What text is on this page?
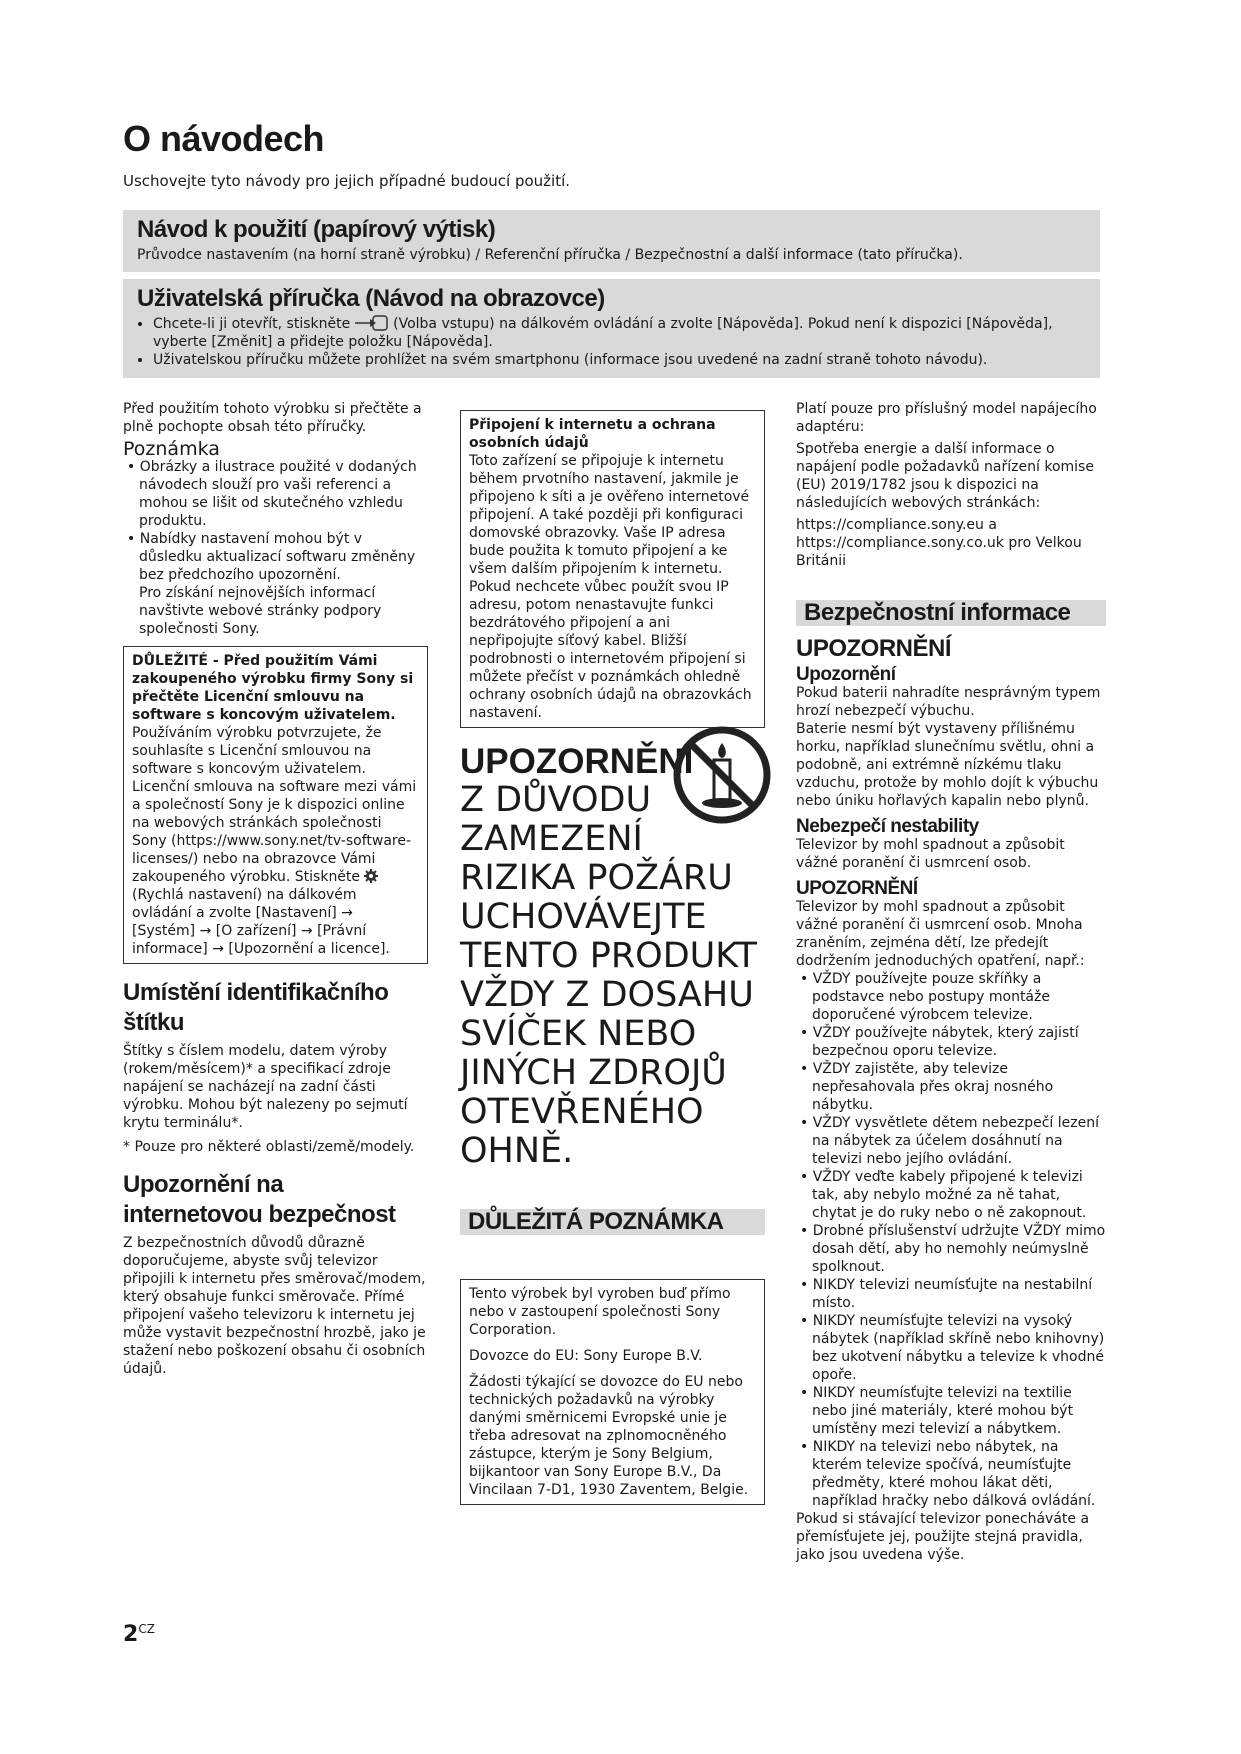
O návodech
Uschovejte tyto návody pro jejich případné budoucí použití.
Návod k použití (papírový výtisk)
Průvodce nastavením (na horní straně výrobku) / Referenční příručka / Bezpečnostní a další informace (tato příručka).
Uživatelská příručka (Návod na obrazovce)
• Chcete-li ji otevřít, stiskněte	(Volba vstupu) na dálkovém ovládání a zvolte [Nápověda]. Pokud není k dispozici [Nápověda], vyberte [Změnit] a přidejte položku [Nápověda].
• Uživatelskou příručku můžete prohlížet na svém smartphonu (informace jsou uvedené na zadní straně tohoto návodu).

Před použitím tohoto výrobku si přečtěte a plně pochopte obsah této příručky.

Poznámka
• Obrázky a ilustrace použité v dodaných návodech slouží pro vaši referenci a mohou se lišit od skutečného vzhledu produktu.
• Nabídky nastavení mohou být v důsledku aktualizací softwaru změněny bez předchozího upozornění.

Pro získání nejnovějších informací navštivte webové stránky podpory společnosti Sony.

DŮLEŽITÉ - Před použitím Vámi zakoupeného výrobku firmy Sony si přečtěte Licenční smlouvu na software s koncovým uživatelem. Používáním výrobku potvrzujete, že souhlasíte s Licenční smlouvou na software s koncovým uživatelem. Licenční smlouva na software mezi vámi a společností Sony je k dispozici online na webových stránkách společnosti Sony (https://www.sony.net/tv-software-licenses/) nebo na obrazovce Vámi zakoupeného výrobku. Stiskněte  (Rychlá nastavení) na dálkovém ovládání a zvolte [Nastavení] → [Systém] → [O zařízení] → [Právní informace] → [Upozornění a licence].
Umístění identifikačního štítku

Štítky s číslem modelu, datem výroby (rokem/měsícem)* a specifikací zdroje napájení se nacházejí na zadní části výrobku. Mohou být nalezeny po sejmutí krytu terminálu*.

* Pouze pro některé oblasti/země/modely.

Upozornění na internetovou bezpečnost

Z bezpečnostních důvodů důrazně doporučujeme, abyste svůj televizor připojili k internetu přes směrovač/modem, který obsahuje funkci směrovače. Přímé připojení vašeho televizoru k internetu jej může vystavit bezpečnostní hrozbě, jako je stažení nebo poškození obsahu či osobních údajů.

Připojení k internetu a ochrana osobních údajů

Toto zařízení se připojuje k internetu během prvotního nastavení, jakmile je připojeno k síti a je ověřeno internetové připojení. A také později při konfiguraci domovské obrazovky. Vaše IP adresa bude použita k tomuto připojení a ke všem dalším připojením k internetu. Pokud nechcete vůbec použít svou IP adresu, potom nenastavujte funkci bezdrátového připojení a ani nepřipojujte síťový kabel. Bližší podrobnosti o internetovém připojení si můžete přečíst v poznámkách ohledně ochrany osobních údajů na obrazovkách nastavení.

UPOZORNĚNÍ
Z DŮVODU ZAMEZENÍ RIZIKA POŽÁRU UCHOVÁVEJTE TENTO PRODUKT VŽDY Z DOSAHU SVÍČEK NEBO JINÝCH ZDROJŮ OTEVŘENÉHO OHNĚ.
DŮLEŽITÁ POZNÁMKA

Tento výrobek byl vyroben buď přímo nebo v zastoupení společnosti Sony Corporation.

Dovozce do EU: Sony Europe B.V.

Žádosti týkající se dovozce do EU nebo technických požadavků na výrobky danými směrnicemi Evropské unie je třeba adresovat na zplnomocněného zástupce, kterým je Sony Belgium, bijkantoor van Sony Europe B.V., Da Vincilaan 7-D1, 1930 Zaventem, Belgie.

Platí pouze pro příslušný model napájecího adaptéru:

Spotřeba energie a další informace o napájení podle požadavků nařízení komise (EU) 2019/1782 jsou k dispozici na následujících webových stránkách:

https://compliance.sony.eu a https://compliance.sony.co.uk pro Velkou Británii

Bezpečnostní informace
UPOZORNĚNÍ
Upozornění

Pokud baterii nahradíte nesprávným typem hrozí nebezpečí výbuchu.

Baterie nesmí být vystaveny přílišnému horku, například slunečnímu světlu, ohni a podobně, ani extrémně nízkému tlaku vzduchu, protože by mohlo dojít k výbuchu nebo úniku hořlavých kapalin nebo plynů.

Nebezpečí nestability

Televizor by mohl spadnout a způsobit vážné poranění či usmrcení osob.

UPOZORNĚNÍ

Televizor by mohl spadnout a způsobit vážné poranění či usmrcení osob. Mnoha zraněním, zejména dětí, lze předejít dodržením jednoduchých opatření, např.:

• VŽDY používejte pouze skříňky a podstavce nebo postupy montáže doporučené výrobcem televize.
• VŽDY používejte nábytek, který zajistí bezpečnou oporu televize.
• VŽDY zajistěte, aby televize nepřesahovala přes okraj nosného nábytku.
• VŽDY vysvětlete dětem nebezpečí lezení na nábytek za účelem dosáhnutí na televizi nebo jejího ovládání.
• VŽDY veďte kabely připojené k televizi tak, aby nebylo možné za ně tahat, chytat je do ruky nebo o ně zakopnout.
• Drobné příslušenství udržujte VŽDY mimo dosah dětí, aby ho nemohly neúmyslně spolknout.
• NIKDY televizi neumísťujte na nestabilní místo.
• NIKDY neumísťujte televizi na vysoký nábytek (například skříně nebo knihovny) bez ukotvení nábytku a televize k vhodné opoře.
• NIKDY neumísťujte televizi na textilie nebo jiné materiály, které mohou být umístěny mezi televizí a nábytkem.
• NIKDY na televizi nebo nábytek, na kterém televize spočívá, neumísťujte předměty, které mohou lákat děti, například hračky nebo dálková ovládání.

Pokud si stávající televizor ponecháváte a přemísťujete jej, použijte stejná pravidla, jako jsou uvedena výše.

$2^{CZ}$
